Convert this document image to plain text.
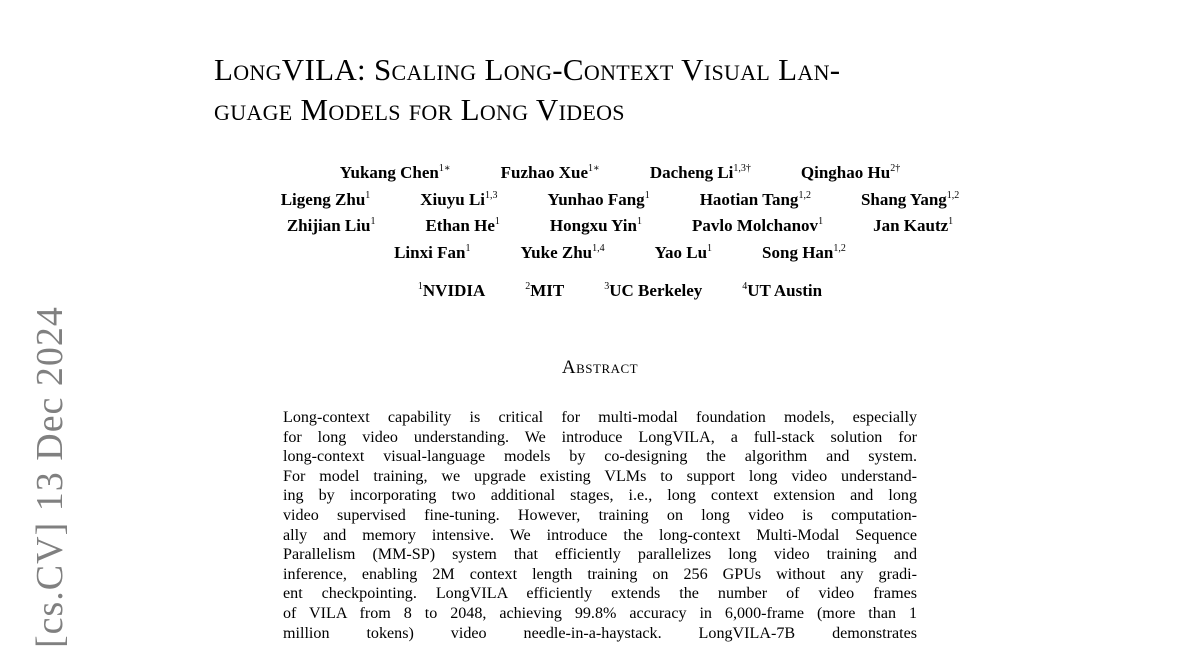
LongVILA: Scaling Long-Context Visual Lan-
guage Models for Long Videos
Yukang Chen$^{1∗}$	Fuzhao Xue$^{1∗}$	Dacheng $Li^{1,3\dagger}$	Qinghao $Hu^{2\dagger}$
Ligeng Zhu$^1$	Xiuyu Li$^{1,3}$	Yunhao Fang$^1$	Haotian Tang$^{1,2}$	Shang Yang$^{1,2}$
Zhijian Liu$^1$	Ethan He$^1$	Hongxu Yin$^1$	Pavlo Molchanov$^1$	Jan Kautz$^1$
Linxi Fan$^1$	Yuke Zhu$^{1,4}$	Yao Lu$^1$	Song Han$^{1,2}$
$^1$NVIDIA	$^2$MIT	$^3$UC Berkeley	$^4$UT Austin
Abstract
Long-context capability is critical for multi-modal foundation models, especially
for long video understanding. We introduce LongVILA, a full-stack solution for
long-context visual-language models by co-designing the algorithm and system.
For model training, we upgrade existing VLMs to support long video understand-
ing by incorporating two additional stages, i.e., long context extension and long
video supervised fine-tuning. However, training on long video is computation-
ally and memory intensive. We introduce the long-context Multi-Modal Sequence
Parallelism (MM-SP) system that efficiently parallelizes long video training and
inference, enabling 2M context length training on 256 GPUs without any gradi-
ent checkpointing. LongVILA efficiently extends the number of video frames
of VILA from 8 to 2048, achieving 99.8% accuracy in 6,000-frame (more than 1
million tokens) video needle-in-a-haystack. LongVILA-7B demonstrates
[cs.CV] 13 Dec 2024
